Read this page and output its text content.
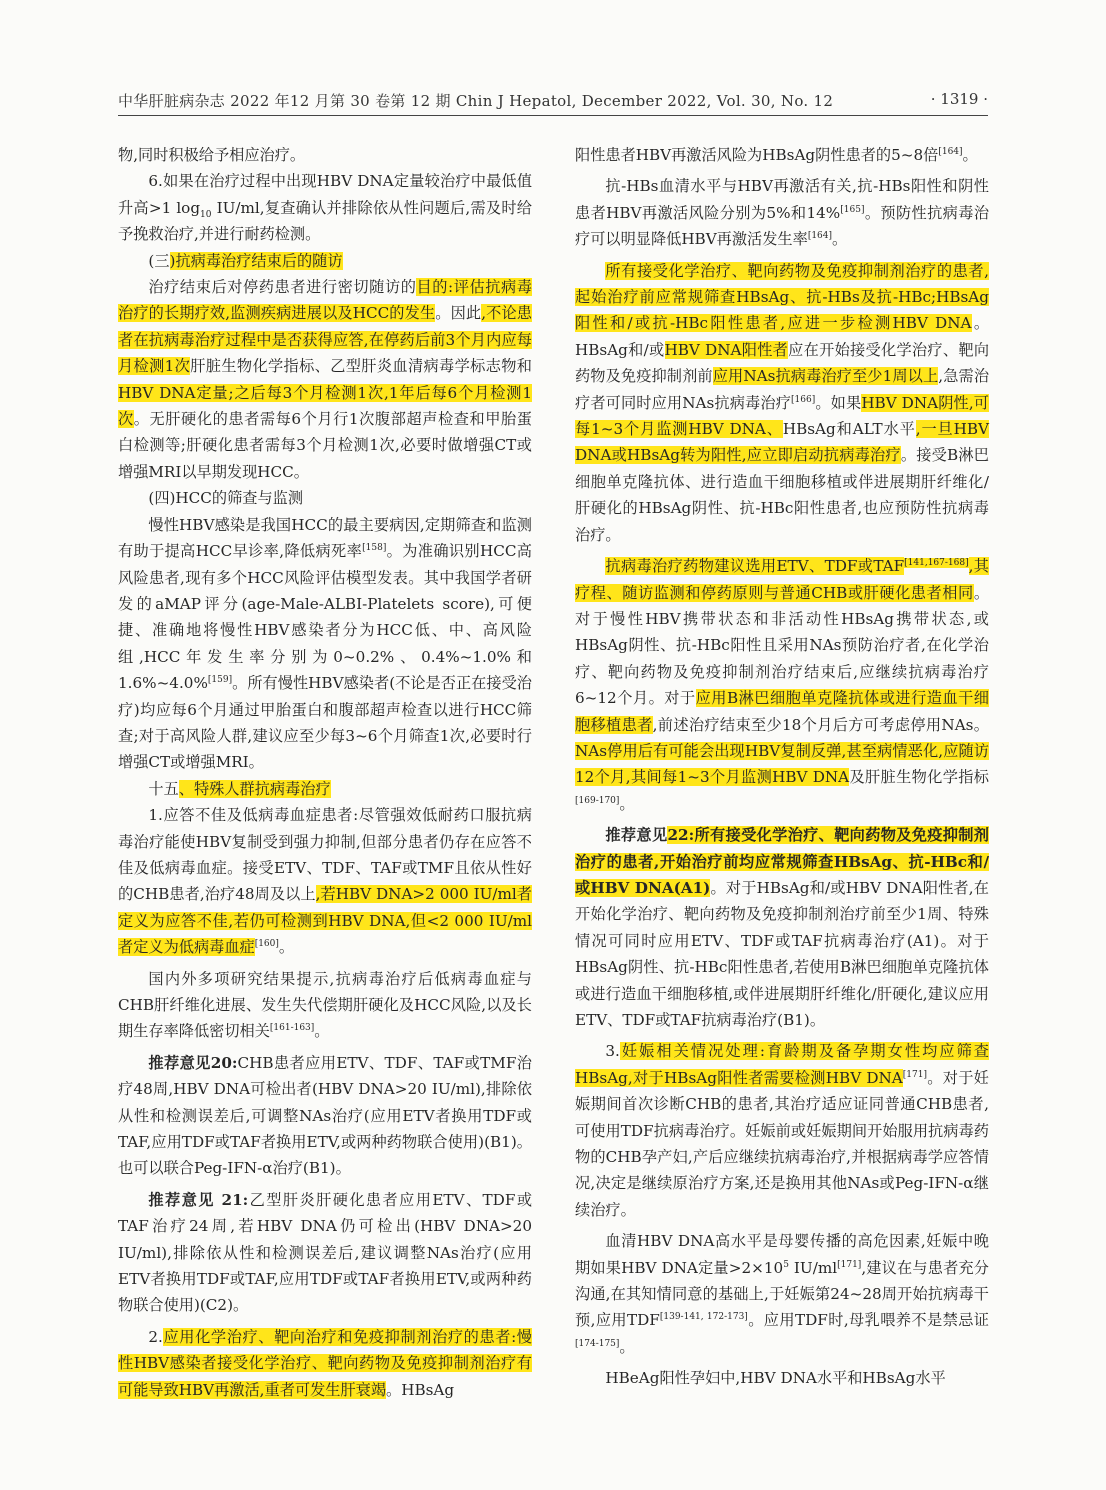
中华肝脏病杂志 2022 年12 月第 30 卷第 12 期 Chin J Hepatol, December 2022, Vol. 30, No. 12	· 1319 ·

物,同时积极给予相应治疗。

6.如果在治疗过程中出现HBV DNA定量较治疗中最低值升高>1 $\log_{10} IU/ml$,复查确认并排除依从性问题后,需及时给予挽救治疗,并进行耐药检测。

(三)抗病毒治疗结束后的随访

治疗结束后对停药患者进行密切随访的目的:评估抗病毒治疗的长期疗效,监测疾病进展以及HCC的发生。因此,不论患者在抗病毒治疗过程中是否获得应答,在停药后前3个月内应每月检测1次肝脏生物化学指标、乙型肝炎血清病毒学标志物和HBV DNA定量;之后每3个月检测1次,1年后每6个月检测1次。无肝硬化的患者需每6个月行1次腹部超声检查和甲胎蛋白检测等;肝硬化患者需每3个月检测1次,必要时做增强CT或增强MRI以早期发现HCC。

(四)HCC的筛查与监测

慢性HBV感染是我国HCC的最主要病因,定期筛查和监测有助于提高HCC早诊率,降低病死率[158]。为准确识别HCC高风险患者,现有多个HCC风险评估模型发表。其中我国学者研发的aMAP评分(age-Male-ALBI-Platelets score),可便捷、准确地将慢性HBV感染者分为HCC低、中、高风险组,HCC年发生率分别为0~0.2%、0.4%~1.0%和1.6%~4.0%[159]。所有慢性HBV感染者(不论是否正在接受治疗)均应每6个月通过甲胎蛋白和腹部超声检查以进行HCC筛查;对于高风险人群,建议应至少每3~6个月筛查1次,必要时行增强CT或增强MRI。

十五、特殊人群抗病毒治疗

1.应答不佳及低病毒血症患者:尽管强效低耐药口服抗病毒治疗能使HBV复制受到强力抑制,但部分患者仍存在应答不佳及低病毒血症。接受ETV、TDF、TAF或TMF且依从性好的CHB患者,治疗48周及以上,若HBV DNA>2 000 IU/ml者定义为应答不佳,若仍可检测到HBV DNA,但<2 000 IU/ml者定义为低病毒血症[160]。

国内外多项研究结果提示,抗病毒治疗后低病毒血症与CHB肝纤维化进展、发生失代偿期肝硬化及HCC风险,以及长期生存率降低密切相关[161-163]。

推荐意见20:CHB患者应用ETV、TDF、TAF或TMF治疗48周,HBV DNA可检出者(HBV DNA>20 IU/ml),排除依从性和检测误差后,可调整NAs治疗(应用ETV者换用TDF或TAF,应用TDF或TAF者换用ETV,或两种药物联合使用)(B1)。也可以联合Peg-IFN-α治疗(B1)。

推荐意见 21:乙型肝炎肝硬化患者应用ETV、TDF或TAF治疗24周,若HBV DNA仍可检出(HBV DNA>20 IU/ml),排除依从性和检测误差后,建议调整NAs治疗(应用ETV者换用TDF或TAF,应用TDF或TAF者换用ETV,或两种药物联合使用)(C2)。

2.应用化学治疗、靶向治疗和免疫抑制剂治疗的患者:慢性HBV感染者接受化学治疗、靶向药物及免疫抑制剂治疗有可能导致HBV再激活,重者可发生肝衰竭。HBsAg

阳性患者HBV再激活风险为HBsAg阴性患者的5~8倍[164]。

抗-HBs血清水平与HBV再激活有关,抗-HBs阳性和阴性患者HBV再激活风险分别为5%和14%[165]。预防性抗病毒治疗可以明显降低HBV再激活发生率[164]。

所有接受化学治疗、靶向药物及免疫抑制剂治疗的患者,起始治疗前应常规筛查HBsAg、抗-HBs及抗-HBc;HBsAg阳性和/或抗-HBc阳性患者,应进一步检测HBV DNA。HBsAg和/或HBV DNA阳性者应在开始接受化学治疗、靶向药物及免疫抑制剂前应用NAs抗病毒治疗至少1周以上,急需治疗者可同时应用NAs抗病毒治疗[166]。如果HBV DNA阴性,可每1~3个月监测HBV DNA、HBsAg和ALT水平,一旦HBV DNA或HBsAg转为阳性,应立即启动抗病毒治疗。接受B淋巴细胞单克隆抗体、进行造血干细胞移植或伴进展期肝纤维化/肝硬化的HBsAg阴性、抗-HBc阳性患者,也应预防性抗病毒治疗。

抗病毒治疗药物建议选用ETV、TDF或TAF[141,167-168],其疗程、随访监测和停药原则与普通CHB或肝硬化患者相同。对于慢性HBV携带状态和非活动性HBsAg携带状态,或HBsAg阴性、抗-HBc阳性且采用NAs预防治疗者,在化学治疗、靶向药物及免疫抑制剂治疗结束后,应继续抗病毒治疗6~12个月。对于应用B淋巴细胞单克隆抗体或进行造血干细胞移植患者,前述治疗结束至少18个月后方可考虑停用NAs。NAs停用后有可能会出现HBV复制反弹,甚至病情恶化,应随访12个月,其间每1~3个月监测HBV DNA及肝脏生物化学指标[169-170]。

推荐意见22:所有接受化学治疗、靶向药物及免疫抑制剂治疗的患者,开始治疗前均应常规筛查HBsAg、抗-HBc和/或HBV DNA(A1)。对于HBsAg和/或HBV DNA阳性者,在开始化学治疗、靶向药物及免疫抑制剂治疗前至少1周、特殊情况可同时应用ETV、TDF或TAF抗病毒治疗(A1)。对于HBsAg阴性、抗-HBc阳性患者,若使用B淋巴细胞单克隆抗体或进行造血干细胞移植,或伴进展期肝纤维化/肝硬化,建议应用ETV、TDF或TAF抗病毒治疗(B1)。

3.妊娠相关情况处理:育龄期及备孕期女性均应筛查HBsAg,对于HBsAg阳性者需要检测HBV DNA[171]。对于妊娠期间首次诊断CHB的患者,其治疗适应证同普通CHB患者,可使用TDF抗病毒治疗。妊娠前或妊娠期间开始服用抗病毒药物的CHB孕产妇,产后应继续抗病毒治疗,并根据病毒学应答情况,决定是继续原治疗方案,还是换用其他NAs或Peg-IFN-α继续治疗。

血清HBV DNA高水平是母婴传播的高危因素,妊娠中晚期如果HBV DNA定量$>2\times 10^5$ IU/ml[171],建议在与患者充分沟通,在其知情同意的基础上,于妊娠第24~28周开始抗病毒干预,应用TDF[139-141, 172-173]。应用TDF时,母乳喂养不是禁忌证[174-175]。

HBeAg阳性孕妇中,HBV DNA水平和HBsAg水平
